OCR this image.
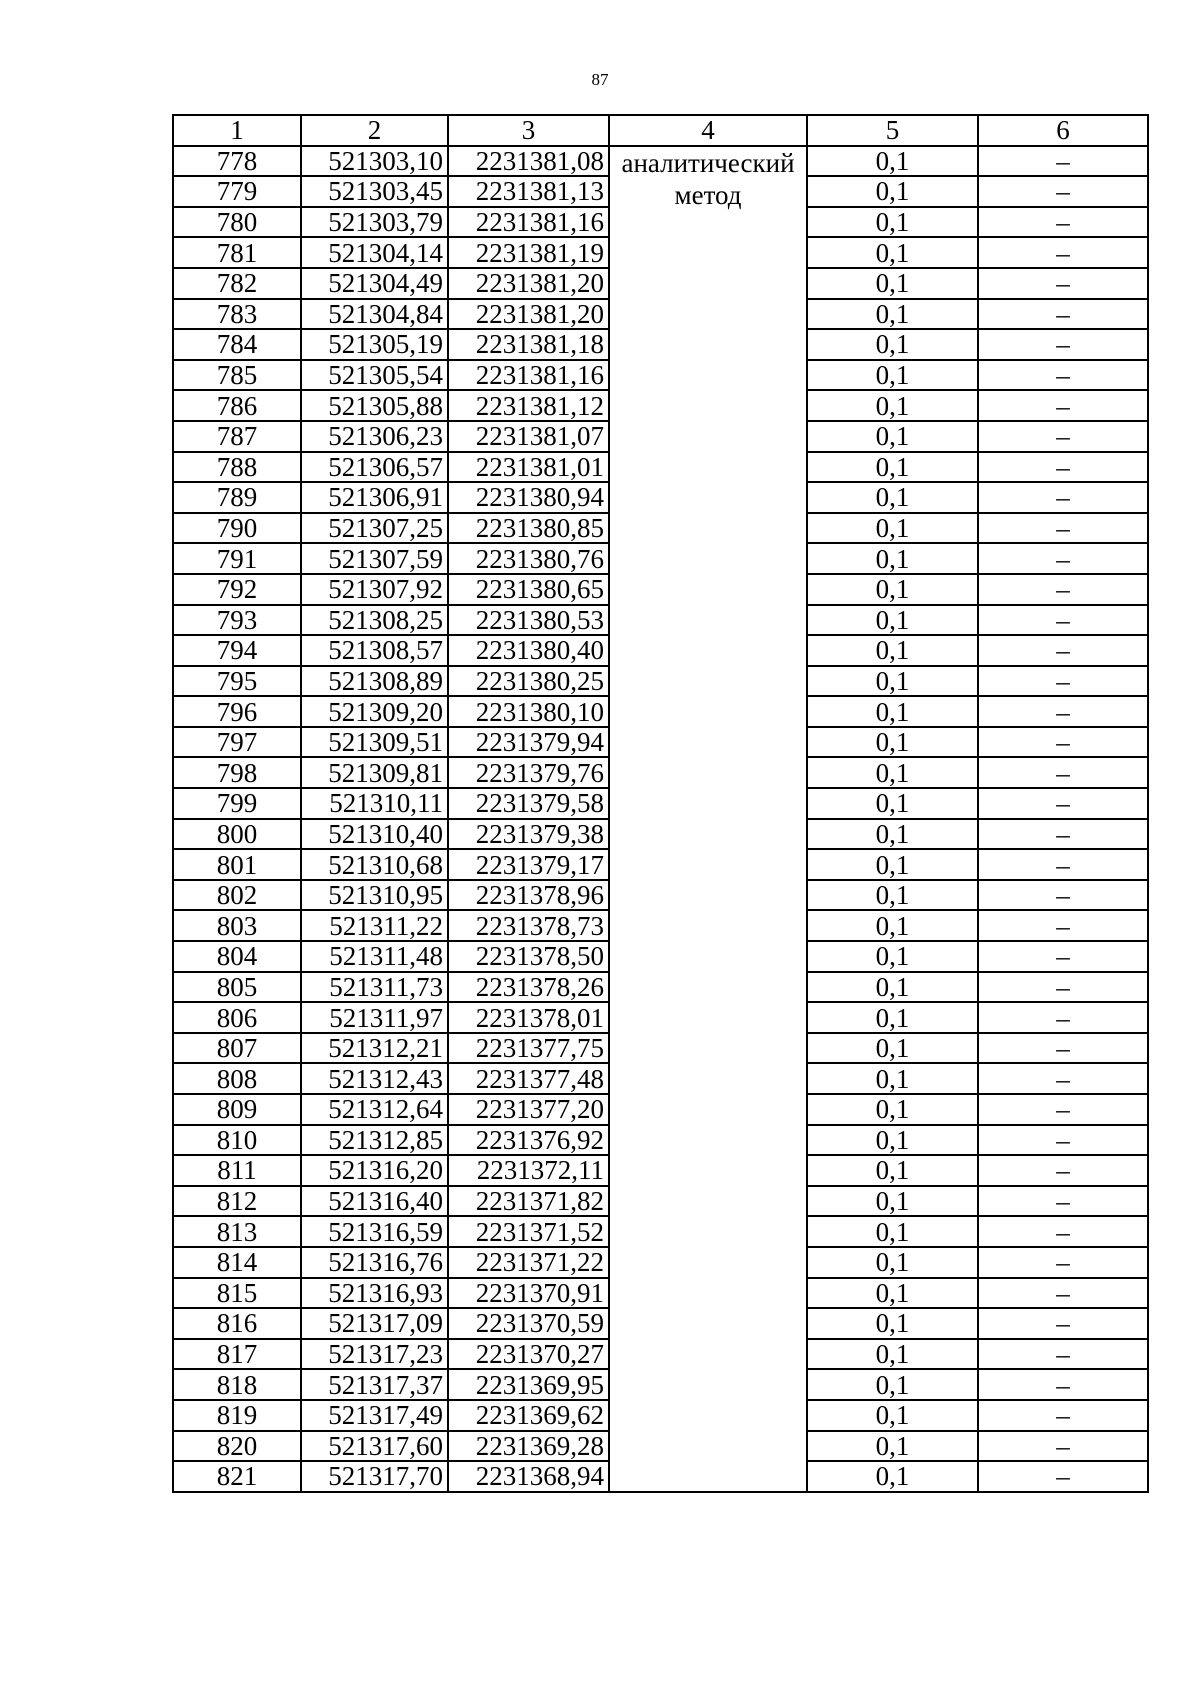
87
1	2	3	4	5	6
778	521303,10	2231381,08	аналитический метод	0,1	–
779	521303,45	2231381,13		0,1	–
780	521303,79	2231381,16		0,1	–
781	521304,14	2231381,19		0,1	–
782	521304,49	2231381,20		0,1	–
783	521304,84	2231381,20		0,1	–
784	521305,19	2231381,18		0,1	–
785	521305,54	2231381,16		0,1	–
786	521305,88	2231381,12		0,1	–
787	521306,23	2231381,07		0,1	–
788	521306,57	2231381,01		0,1	–
789	521306,91	2231380,94		0,1	–
790	521307,25	2231380,85		0,1	–
791	521307,59	2231380,76		0,1	–
792	521307,92	2231380,65		0,1	–
793	521308,25	2231380,53		0,1	–
794	521308,57	2231380,40		0,1	–
795	521308,89	2231380,25		0,1	–
796	521309,20	2231380,10		0,1	–
797	521309,51	2231379,94		0,1	–
798	521309,81	2231379,76		0,1	–
799	521310,11	2231379,58		0,1	–
800	521310,40	2231379,38		0,1	–
801	521310,68	2231379,17		0,1	–
802	521310,95	2231378,96		0,1	–
803	521311,22	2231378,73		0,1	–
804	521311,48	2231378,50		0,1	–
805	521311,73	2231378,26		0,1	–
806	521311,97	2231378,01		0,1	–
807	521312,21	2231377,75		0,1	–
808	521312,43	2231377,48		0,1	–
809	521312,64	2231377,20		0,1	–
810	521312,85	2231376,92		0,1	–
811	521316,20	2231372,11		0,1	–
812	521316,40	2231371,82		0,1	–
813	521316,59	2231371,52		0,1	–
814	521316,76	2231371,22		0,1	–
815	521316,93	2231370,91		0,1	–
816	521317,09	2231370,59		0,1	–
817	521317,23	2231370,27		0,1	–
818	521317,37	2231369,95		0,1	–
819	521317,49	2231369,62		0,1	–
820	521317,60	2231369,28		0,1	–
821	521317,70	2231368,94		0,1	–
